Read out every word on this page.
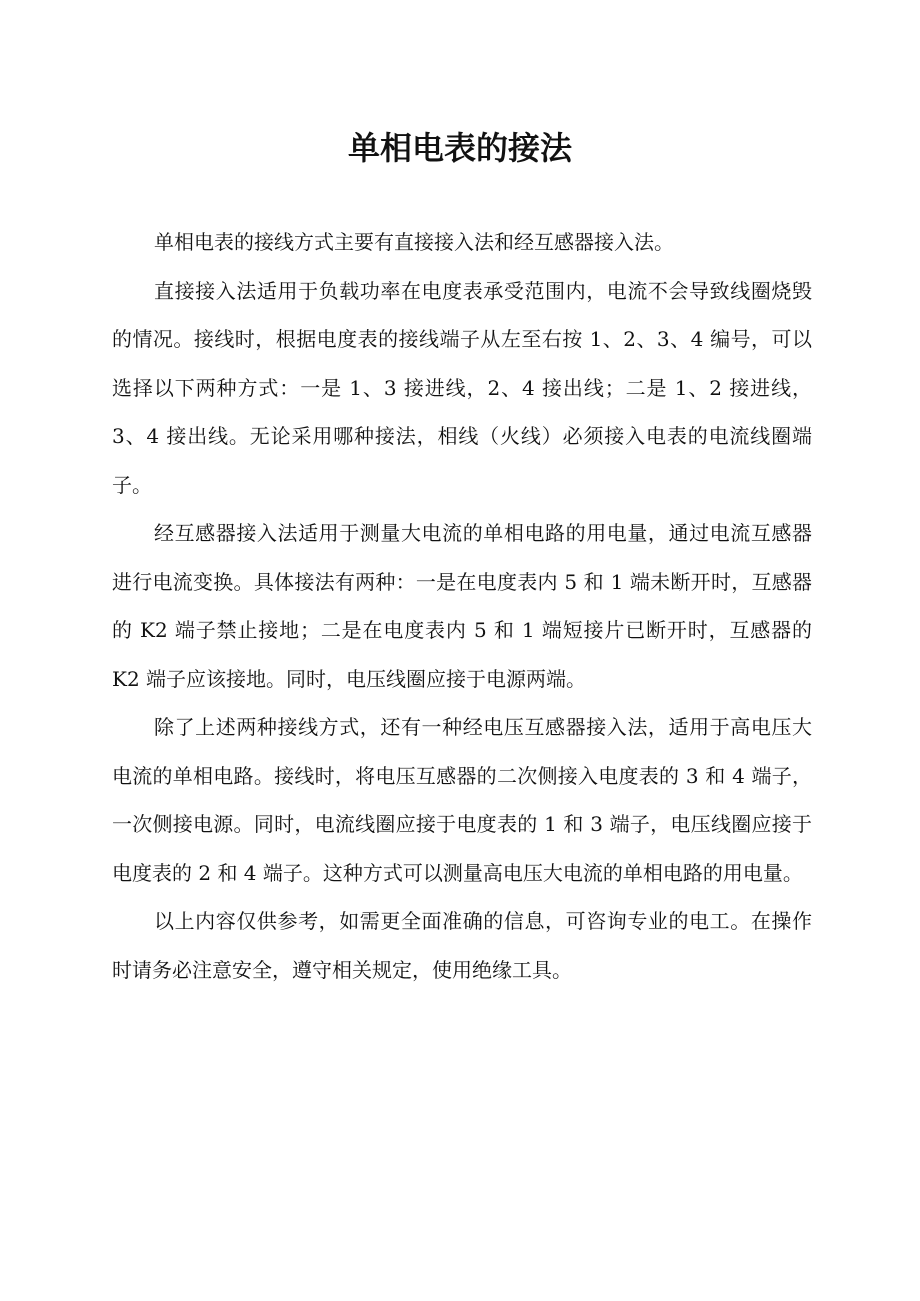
单相电表的接法

单相电表的接线方式主要有直接接入法和经互感器接入法。

直接接入法适用于负载功率在电度表承受范围内，电流不会导致线圈烧毁的情况。接线时，根据电度表的接线端子从左至右按 1、2、3、4 编号，可以选择以下两种方式：一是 1、3 接进线，2、4 接出线；二是 1、2 接进线，3、4 接出线。无论采用哪种接法，相线（火线）必须接入电表的电流线圈端子。

经互感器接入法适用于测量大电流的单相电路的用电量，通过电流互感器进行电流变换。具体接法有两种：一是在电度表内 5 和 1 端未断开时，互感器的 K2 端子禁止接地；二是在电度表内 5 和 1 端短接片已断开时，互感器的 K2 端子应该接地。同时，电压线圈应接于电源两端。

除了上述两种接线方式，还有一种经电压互感器接入法，适用于高电压大电流的单相电路。接线时，将电压互感器的二次侧接入电度表的 3 和 4 端子，一次侧接电源。同时，电流线圈应接于电度表的 1 和 3 端子，电压线圈应接于电度表的 2 和 4 端子。这种方式可以测量高电压大电流的单相电路的用电量。

以上内容仅供参考，如需更全面准确的信息，可咨询专业的电工。在操作时请务必注意安全，遵守相关规定，使用绝缘工具。
